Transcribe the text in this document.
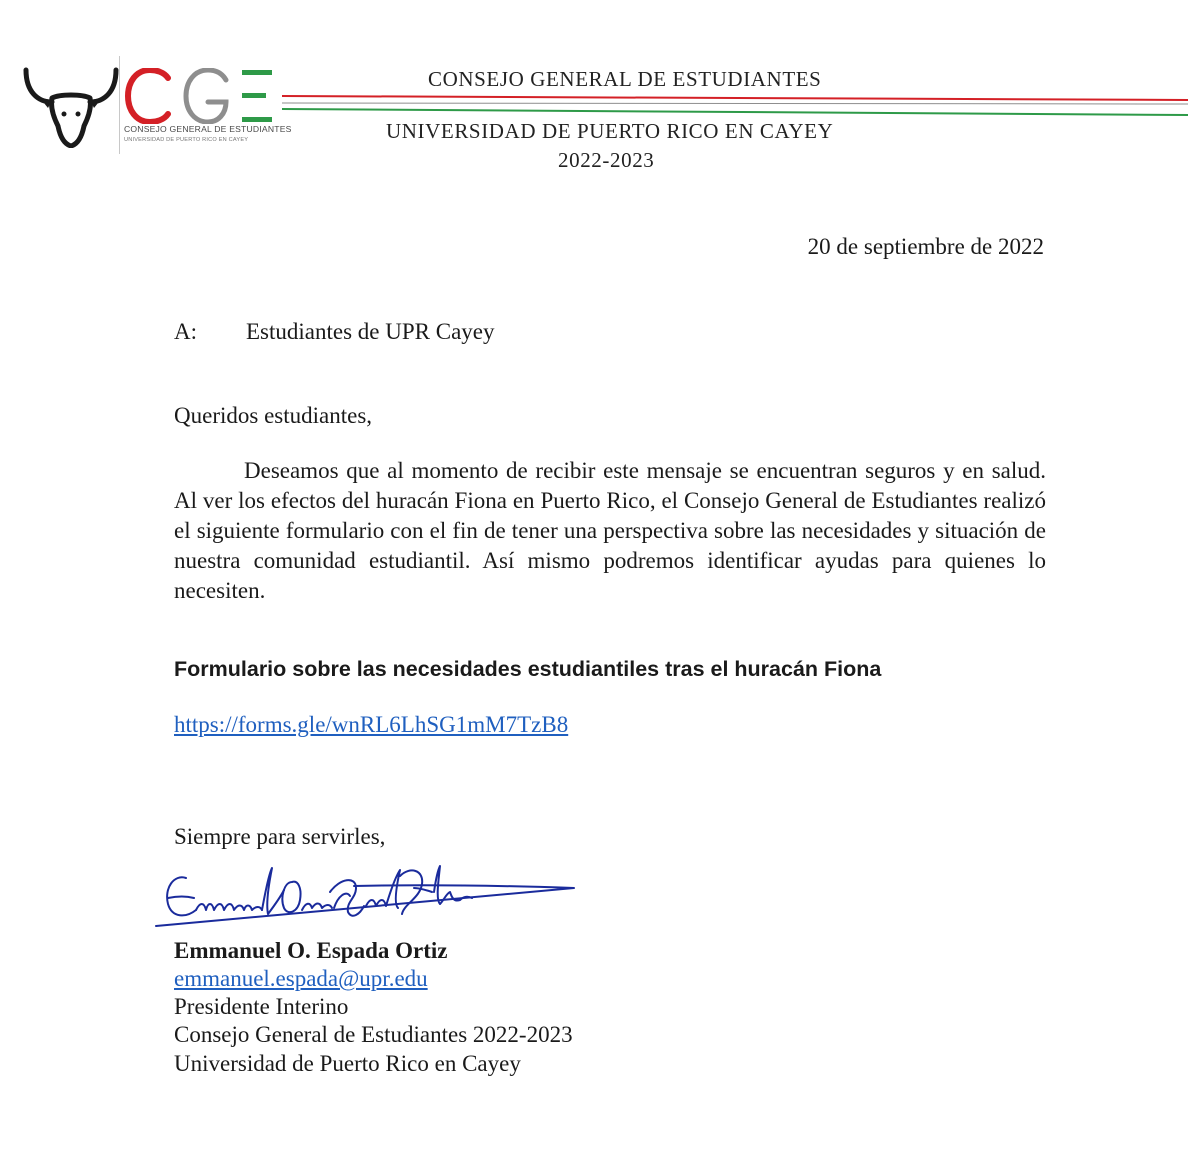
CONSEJO GENERAL DE ESTUDIANTES
UNIVERSIDAD DE PUERTO RICO EN CAYEY
CONSEJO GENERAL DE ESTUDIANTES
UNIVERSIDAD DE PUERTO RICO EN CAYEY
2022-2023
20 de septiembre de 2022
A: Estudiantes de UPR Cayey
Queridos estudiantes,

Deseamos que al momento de recibir este mensaje se encuentran seguros y en salud. Al ver los efectos del huracán Fiona en Puerto Rico, el Consejo General de Estudiantes realizó el siguiente formulario con el fin de tener una perspectiva sobre las necesidades y situación de nuestra comunidad estudiantil. Así mismo podremos identificar ayudas para quienes lo necesiten.

Formulario sobre las necesidades estudiantiles tras el huracán Fiona
https://forms.gle/wnRL6LhSG1mM7TzB8
Siempre para servirles,
Emmanuel O. Espada Ortiz
emmanuel.espada@upr.edu
Presidente Interino
Consejo General de Estudiantes 2022-2023
Universidad de Puerto Rico en Cayey
